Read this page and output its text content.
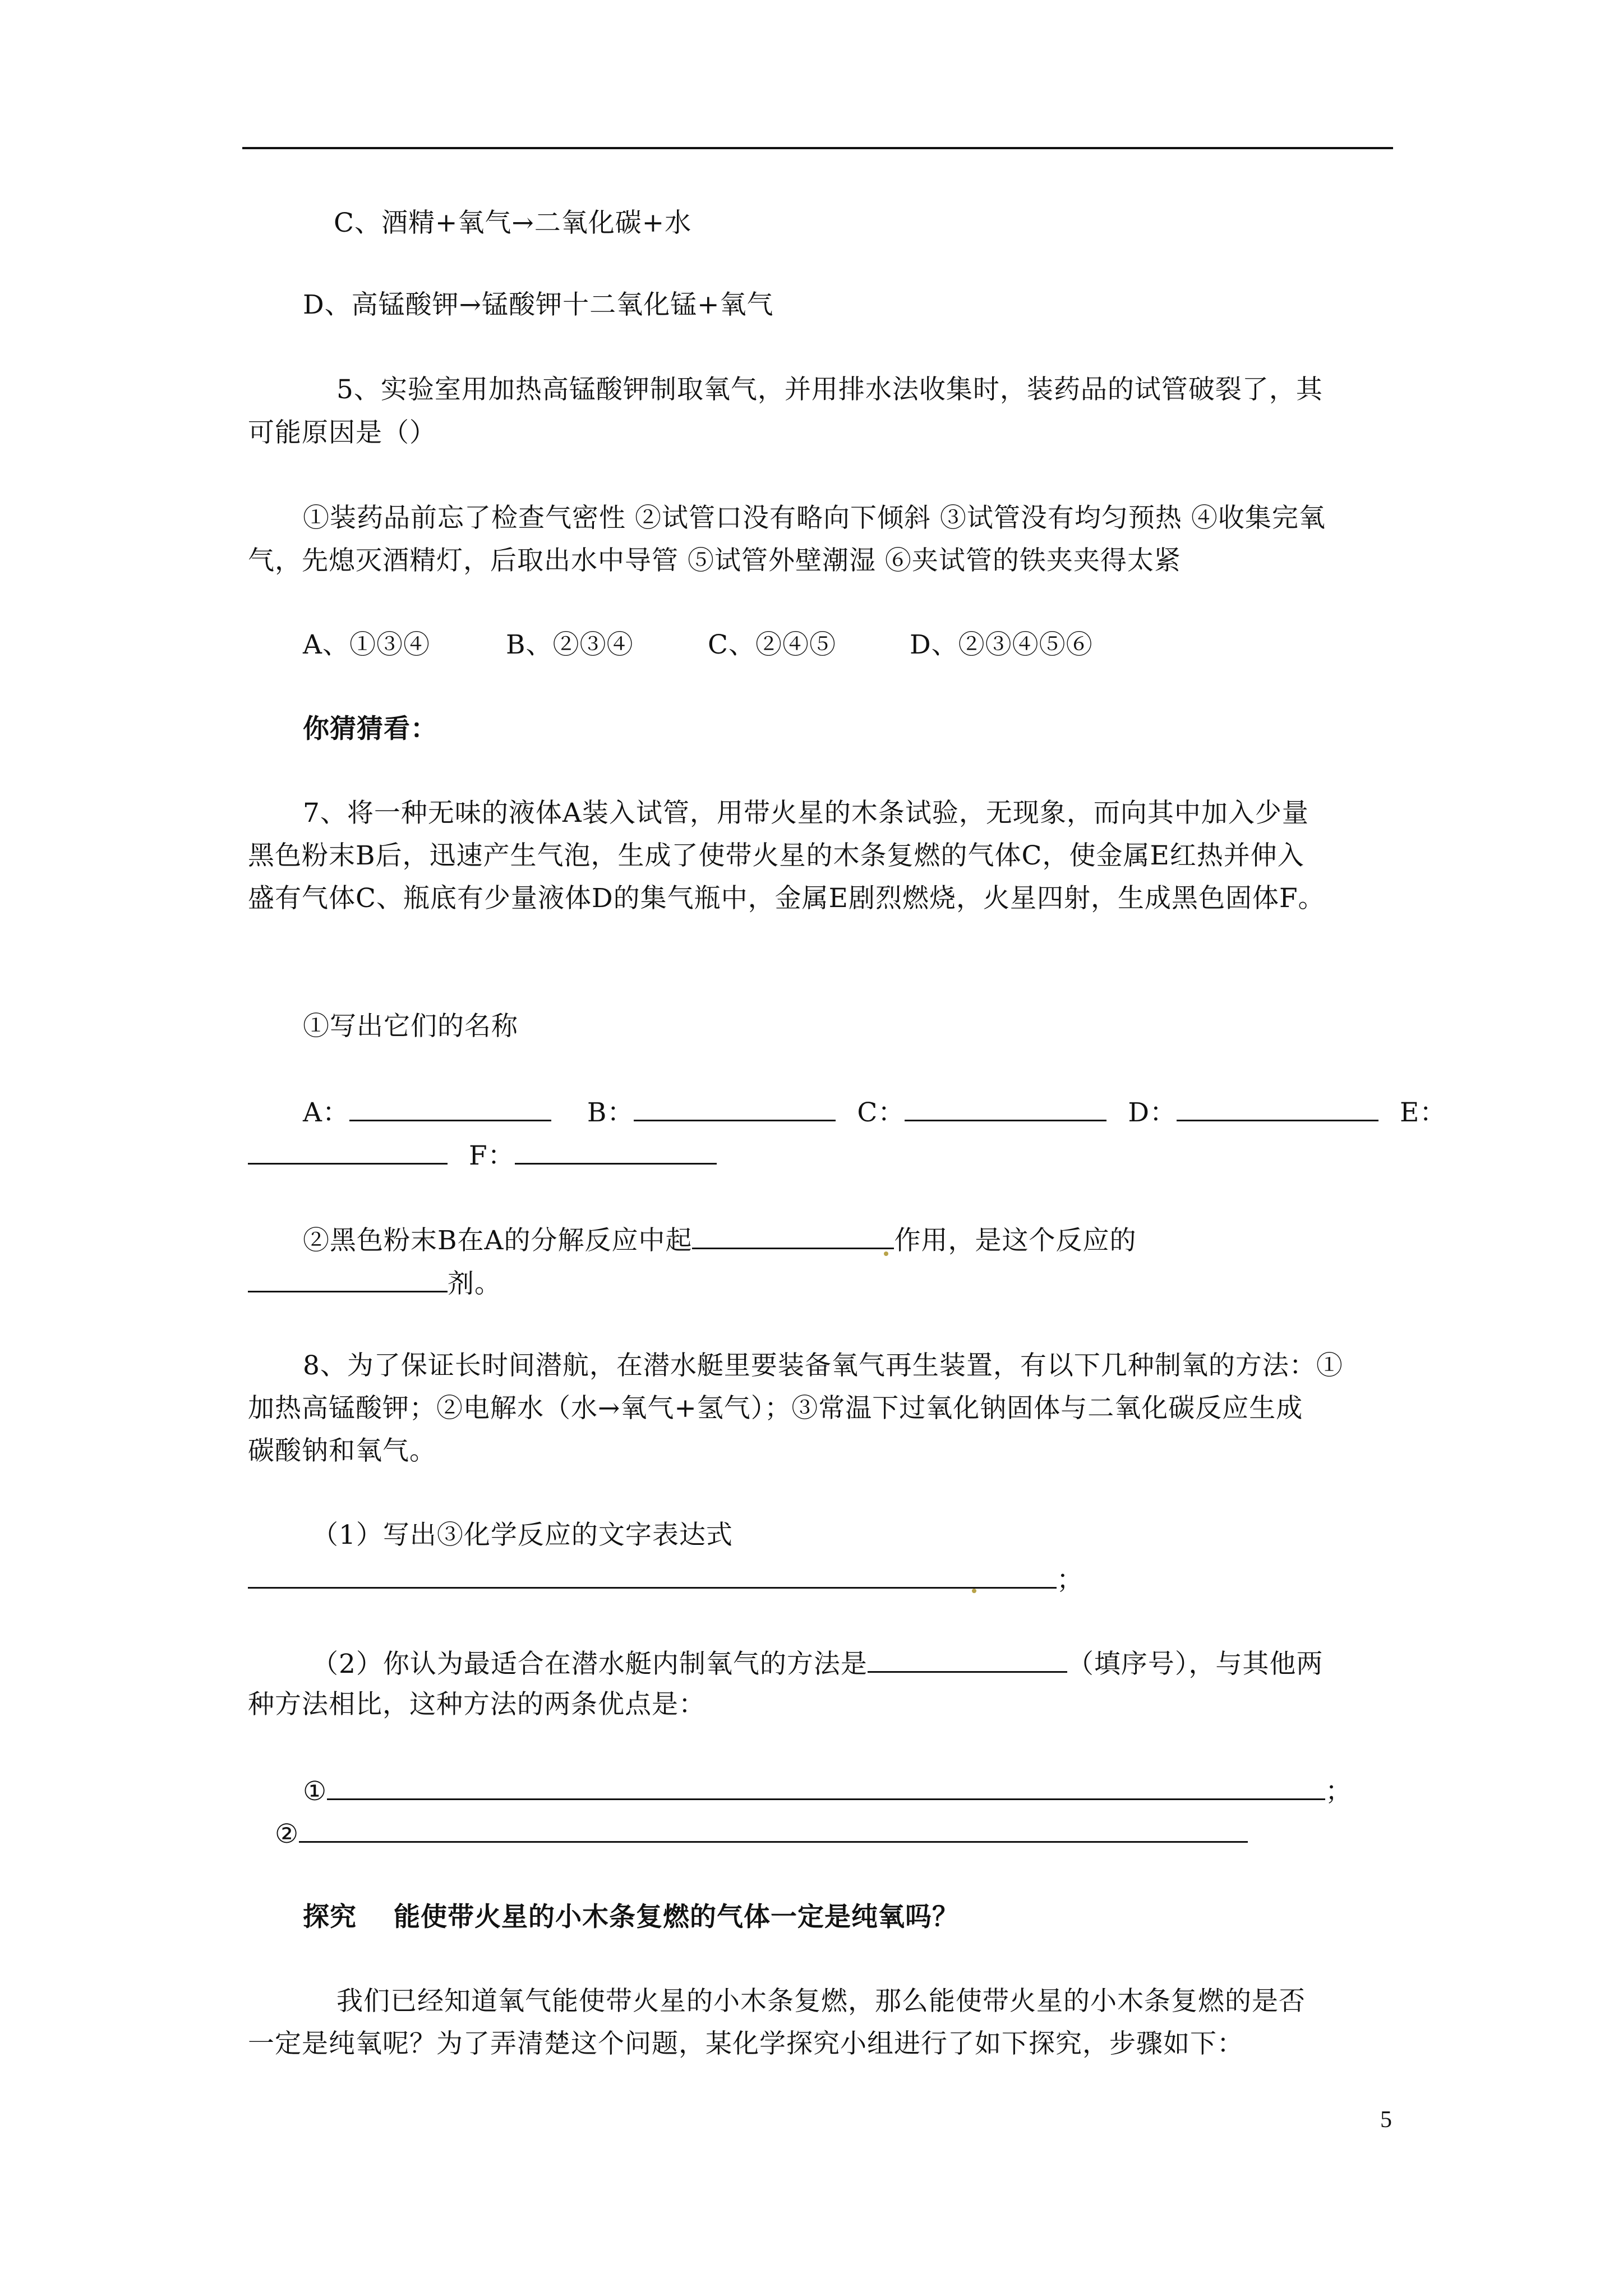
C、酒精+氧气→二氧化碳+水
D、高锰酸钾→锰酸钾十二氧化锰+氧气
5、实验室用加热高锰酸钾制取氧气，并用排水法收集时，装药品的试管破裂了，其
可能原因是（）
①装药品前忘了检查气密性 ②试管口没有略向下倾斜 ③试管没有均匀预热 ④收集完氧
气，先熄灭酒精灯，后取出水中导管 ⑤试管外壁潮湿 ⑥夹试管的铁夹夹得太紧
A、①③④	B、②③④	C、②④⑤	D、②③④⑤⑥
你猜猜看：
7、将一种无味的液体A装入试管，用带火星的木条试验，无现象，而向其中加入少量
黑色粉末B后，迅速产生气泡，生成了使带火星的木条复燃的气体C，使金属E红热并伸入
盛有气体C、瓶底有少量液体D的集气瓶中，金属E剧烈燃烧，火星四射，生成黑色固体F。
①写出它们的名称
A：	B：	C：	D：	E：
F：
②黑色粉末B在A的分解反应中起	作用，是这个反应的
剂。
8、为了保证长时间潜航，在潜水艇里要装备氧气再生装置，有以下几种制氧的方法：①
加热高锰酸钾；②电解水（水→氧气+氢气）；③常温下过氧化钠固体与二氧化碳反应生成
碳酸钠和氧气。
（1）写出③化学反应的文字表达式
；
（2）你认为最适合在潜水艇内制氧气的方法是	（填序号），与其他两
种方法相比，这种方法的两条优点是：
①	；
②
探究 能使带火星的小木条复燃的气体一定是纯氧吗？
我们已经知道氧气能使带火星的小木条复燃，那么能使带火星的小木条复燃的是否
一定是纯氧呢？为了弄清楚这个问题，某化学探究小组进行了如下探究，步骤如下：
5
